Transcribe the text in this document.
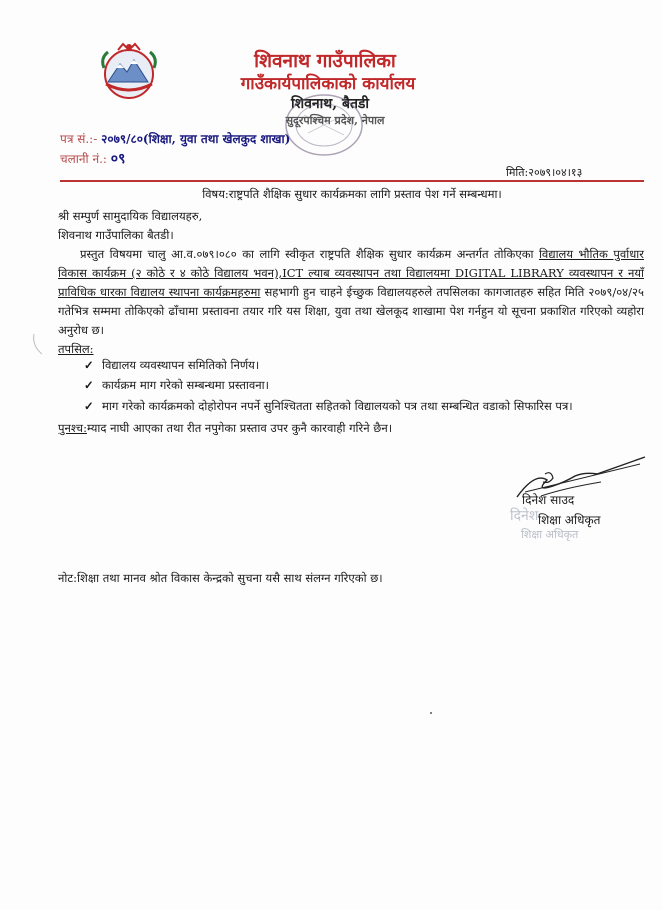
शिवनाथ गाउँपालिका
गाउँकार्यपालिकाको कार्यालय
शिवनाथ, बैतडी
सुदूरपश्चिम प्रदेश, नेपाल
पत्र सं.:- २०७९/८०(शिक्षा, युवा तथा खेलकुद शाखा)
चलानी नं.: ०९
मिति:२०७९।०४।१३
विषय:राष्ट्रपति शैक्षिक सुधार कार्यक्रमका लागि प्रस्ताव पेश गर्ने सम्बन्धमा।
श्री सम्पुर्ण सामुदायिक विद्यालयहरु,
शिवनाथ गाउँपालिका बैतडी।
प्रस्तुत विषयमा चालु आ.व.०७९।०८० का लागि स्वीकृत राष्ट्रपति शैक्षिक सुधार कार्यक्रम अन्तर्गत तोकिएका विद्यालय भौतिक पुर्वाधार विकास कार्यक्रम (२ कोठे र ४ कोठे विद्यालय भवन),ICT ल्याब व्यवस्थापन तथा विद्यालयमा DIGITAL LIBRARY व्यवस्थापन र नयाँ प्राविधिक धारका विद्यालय स्थापना कार्यक्रमहरुमा सहभागी हुन चाहने ईच्छुक विद्यालयहरुले तपसिलका कागजातहरु सहित मिति २०७९/०४/२५ गतेभित्र सम्ममा तोकिएको ढाँचामा प्रस्तावना तयार गरि यस शिक्षा, युवा तथा खेलकूद शाखामा पेश गर्नहुन यो सूचना प्रकाशित गरिएको व्यहोरा अनुरोध छ।
तपसिल:
✓ विद्यालय व्यवस्थापन समितिको निर्णय।
✓ कार्यक्रम माग गरेको सम्बन्धमा प्रस्तावना।
✓ माग गरेको कार्यक्रमको दोहोरोपन नपर्ने सुनिश्चितता सहितको विद्यालयको पत्र तथा सम्बन्धित वडाको सिफारिस पत्र।
पुनश्च:म्याद नाघी आएका तथा रीत नपुगेका प्रस्ताव उपर कुनै कारवाही गरिने छैन।
दिनेश
दिनेश साउद
शिक्षा अधिकृत
शिक्षा अधिकृत
नोट:शिक्षा तथा मानव श्रोत विकास केन्द्रको सुचना यसै साथ संलग्न गरिएको छ।
